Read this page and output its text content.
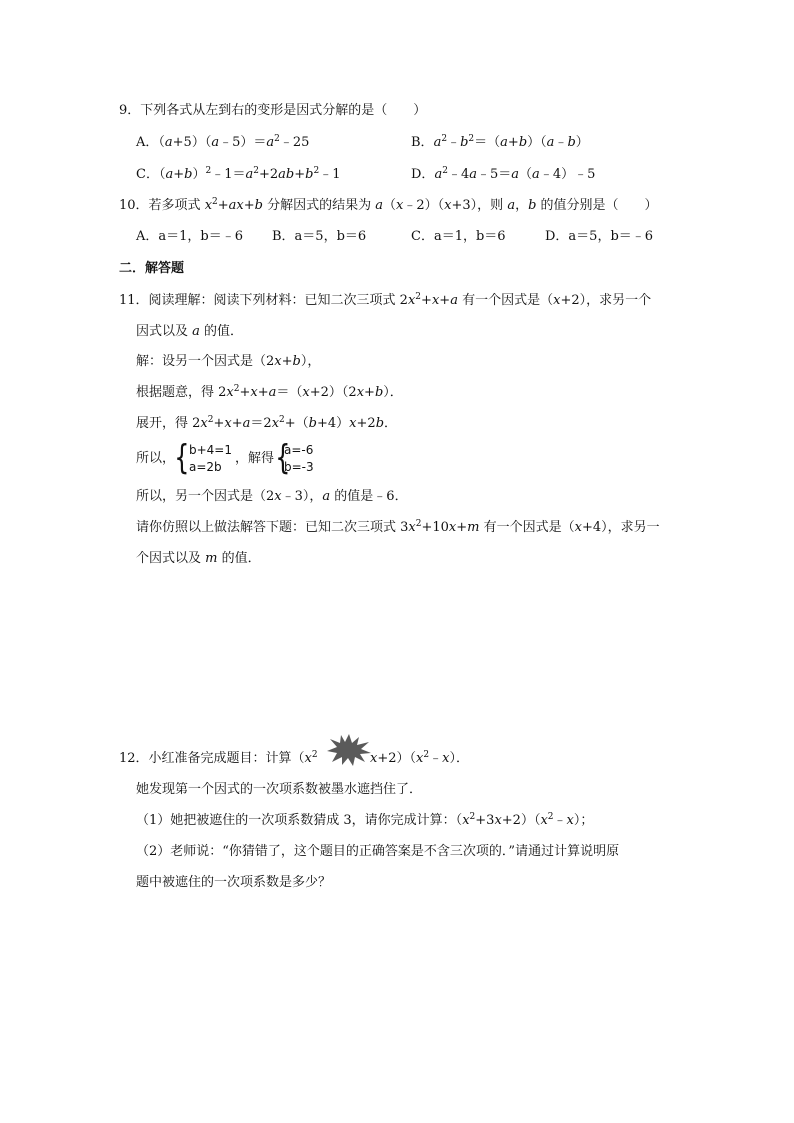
9．下列各式从左到右的变形是因式分解的是（　　）
A．$(a+5)(a﹣5)=a^2﹣25$	B．$a^2﹣b^2=(a+b)(a﹣b)$
C．$(a+b)^2﹣1=a^2+2ab+b^2﹣1$	D．$a^2﹣4a﹣5=a(a﹣4)﹣5$
10．若多项式 $x^2+ax+b$ 分解因式的结果为 a（x﹣2）（x+3），则 a，b 的值分别是（　　）
A．a＝1，b＝﹣6 B．a＝5，b＝6	C．a＝1，b＝6	D．a＝5，b＝﹣6
二．解答题
11．阅读理解：阅读下列材料：已知二次三项式 $2x^2+x+a$ 有一个因式是（x+2），求另一个
因式以及 a 的值．
解：设另一个因式是（2x+b），
根据题意，得 $2x^2+x+a=(x+2)(2x+b)$．
展开，得 $2x^2+x+a=2x^2+(b+4)x+2b$．
所以， { b+4=1
a=2b
，解得 {
a=-6
b=-3
所以，另一个因式是（2x﹣3），a 的值是﹣6．
请你仿照以上做法解答下题：已知二次三项式 $3x^2+10x+m$ 有一个因式是（x+4），求另一
个因式以及 m 的值．
12．小红准备完成题目：计算（$x^2$	$x+2)(x^2﹣x)$．
她发现第一个因式的一次项系数被墨水遮挡住了．
（1）她把被遮住的一次项系数猜成 3，请你完成计算：$(x^2+3x+2)(x^2﹣x)$；
（2）老师说：“你猜错了，这个题目的正确答案是不含三次项的．”请通过计算说明原
题中被遮住的一次项系数是多少？
